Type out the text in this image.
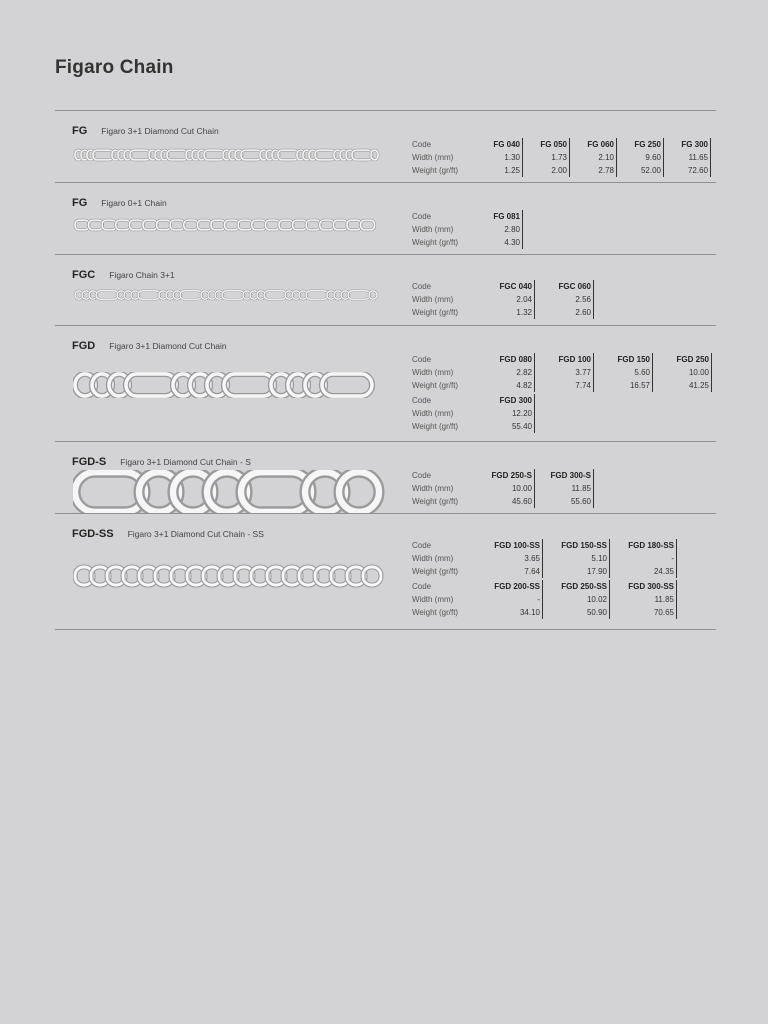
Figaro Chain
FG Figaro 3+1 Diamond Cut Chain
Code	FG 040	FG 050	FG 060	FG 250	FG 300
Width (mm)	1.30	1.73	2.10	9.60	11.65
Weight (gr/ft)	1.25	2.00	2.78	52.00	72.60
FG Figaro 0+1 Chain
Code	FG 081
Width (mm)	2.80
Weight (gr/ft)	4.30
FGC Figaro Chain 3+1
Code	FGC 040	FGC 060
Width (mm)	2.04	2.56
Weight (gr/ft)	1.32	2.60
FGD Figaro 3+1 Diamond Cut Chain
Code	FGD 080	FGD 100	FGD 150	FGD 250
Width (mm)	2.82	3.77	5.60	10.00
Weight (gr/ft)	4.82	7.74	16.57	41.25
Code	FGD 300
Width (mm)	12.20
Weight (gr/ft)	55.40
FGD-S Figaro 3+1 Diamond Cut Chain - S
Code	FGD 250-S	FGD 300-S
Width (mm)	10.00	11.85
Weight (gr/ft)	45.60	55.60
FGD-SS Figaro 3+1 Diamond Cut Chain - SS
Code	FGD 100-SS	FGD 150-SS	FGD 180-SS
Width (mm)	3.65	5.10	-
Weight (gr/ft)	7.64	17.90	24.35
Code	FGD 200-SS	FGD 250-SS	FGD 300-SS
Width (mm)	-	10.02	11.85
Weight (gr/ft)	34.10	50.90	70.65
